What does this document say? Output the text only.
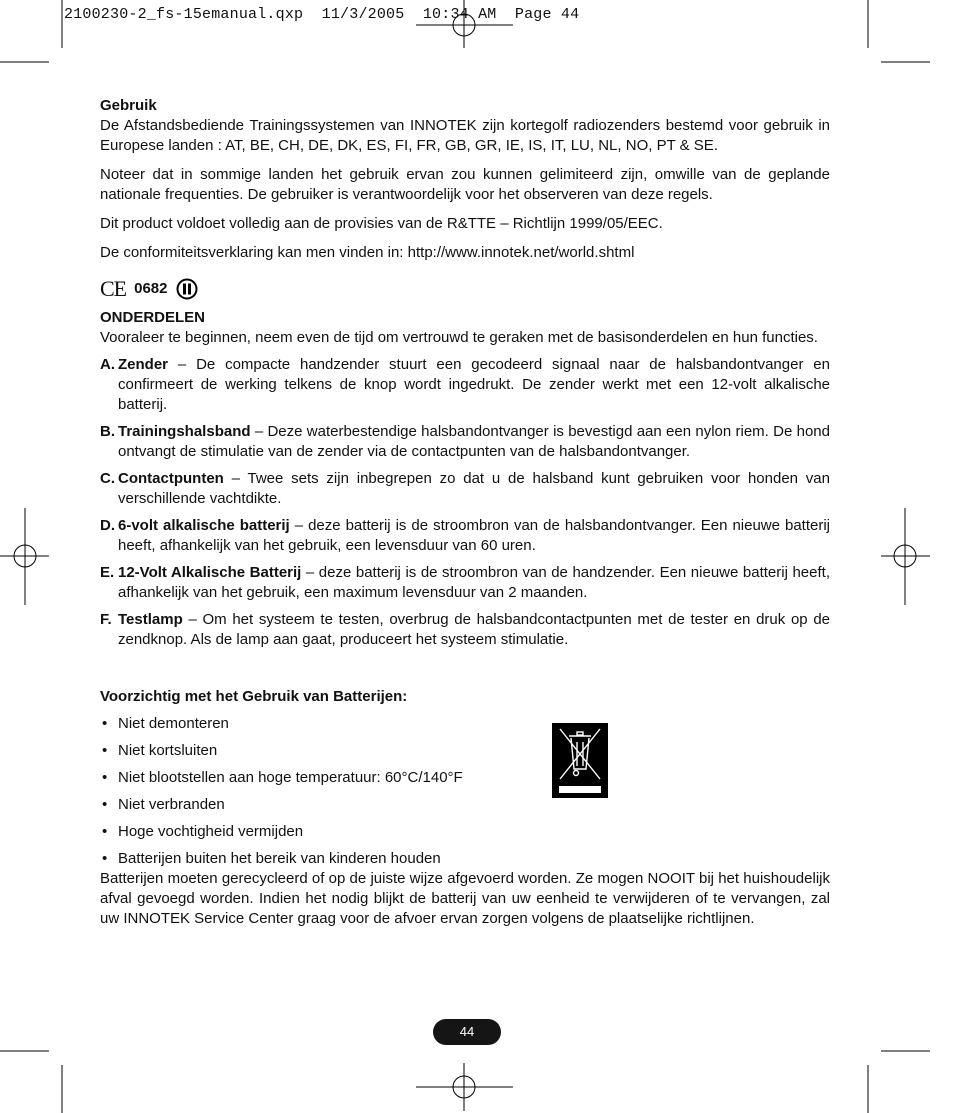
2100230-2_fs-15emanual.qxp  11/3/2005  10:34 AM  Page 44

Gebruik

De Afstandsbediende Trainingssystemen van INNOTEK zijn kortegolf radiozenders bestemd voor gebruik in Europese landen : AT, BE, CH, DE, DK, ES, FI, FR, GB, GR, IE, IS, IT, LU, NL, NO, PT & SE.

Noteer dat in sommige landen het gebruik ervan zou kunnen gelimiteerd zijn, omwille van de geplande nationale frequenties. De gebruiker is verantwoordelijk voor het observeren van deze regels.

Dit product voldoet volledig aan de provisies van de R&TTE – Richtlijn 1999/05/EEC.

De conformiteitsverklaring kan men vinden in: http://www.innotek.net/world.shtml

CE 0682

ONDERDELEN

Vooraleer te beginnen, neem even de tijd om vertrouwd te geraken met de basisonderdelen en hun functies.

A. Zender – De compacte handzender stuurt een gecodeerd signaal naar de halsbandontvanger en confirmeert de werking telkens de knop wordt ingedrukt. De zender werkt met een 12-volt alkalische batterij.
B. Trainingshalsband – Deze waterbestendige halsbandontvanger is bevestigd aan een nylon riem. De hond ontvangt de stimulatie van de zender via de contactpunten van de halsbandontvanger.
C. Contactpunten – Twee sets zijn inbegrepen zo dat u de halsband kunt gebruiken voor honden van verschillende vachtdikte.
D. 6-volt alkalische batterij – deze batterij is de stroombron van de halsbandontvanger. Een nieuwe batterij heeft, afhankelijk van het gebruik, een levensduur van 60 uren.
E. 12-Volt Alkalische Batterij – deze batterij is de stroombron van de handzender. Een nieuwe batterij heeft, afhankelijk van het gebruik, een maximum levensduur van 2 maanden.
F. Testlamp – Om het systeem te testen, overbrug de halsbandcontactpunten met de tester en druk op de zendknop. Als de lamp aan gaat, produceert het systeem stimulatie.

Voorzichtig met het Gebruik van Batterijen:

• Niet demonteren
• Niet kortsluiten
• Niet blootstellen aan hoge temperatuur: 60°C/140°F
• Niet verbranden
• Hoge vochtigheid vermijden
• Batterijen buiten het bereik van kinderen houden

Batterijen moeten gerecycleerd of op de juiste wijze afgevoerd worden. Ze mogen NOOIT bij het huishoudelijk afval gevoegd worden. Indien het nodig blijkt de batterij van uw eenheid te verwijderen of te vervangen, zal uw INNOTEK Service Center graag voor de afvoer ervan zorgen volgens de plaatselijke richtlijnen.

44
